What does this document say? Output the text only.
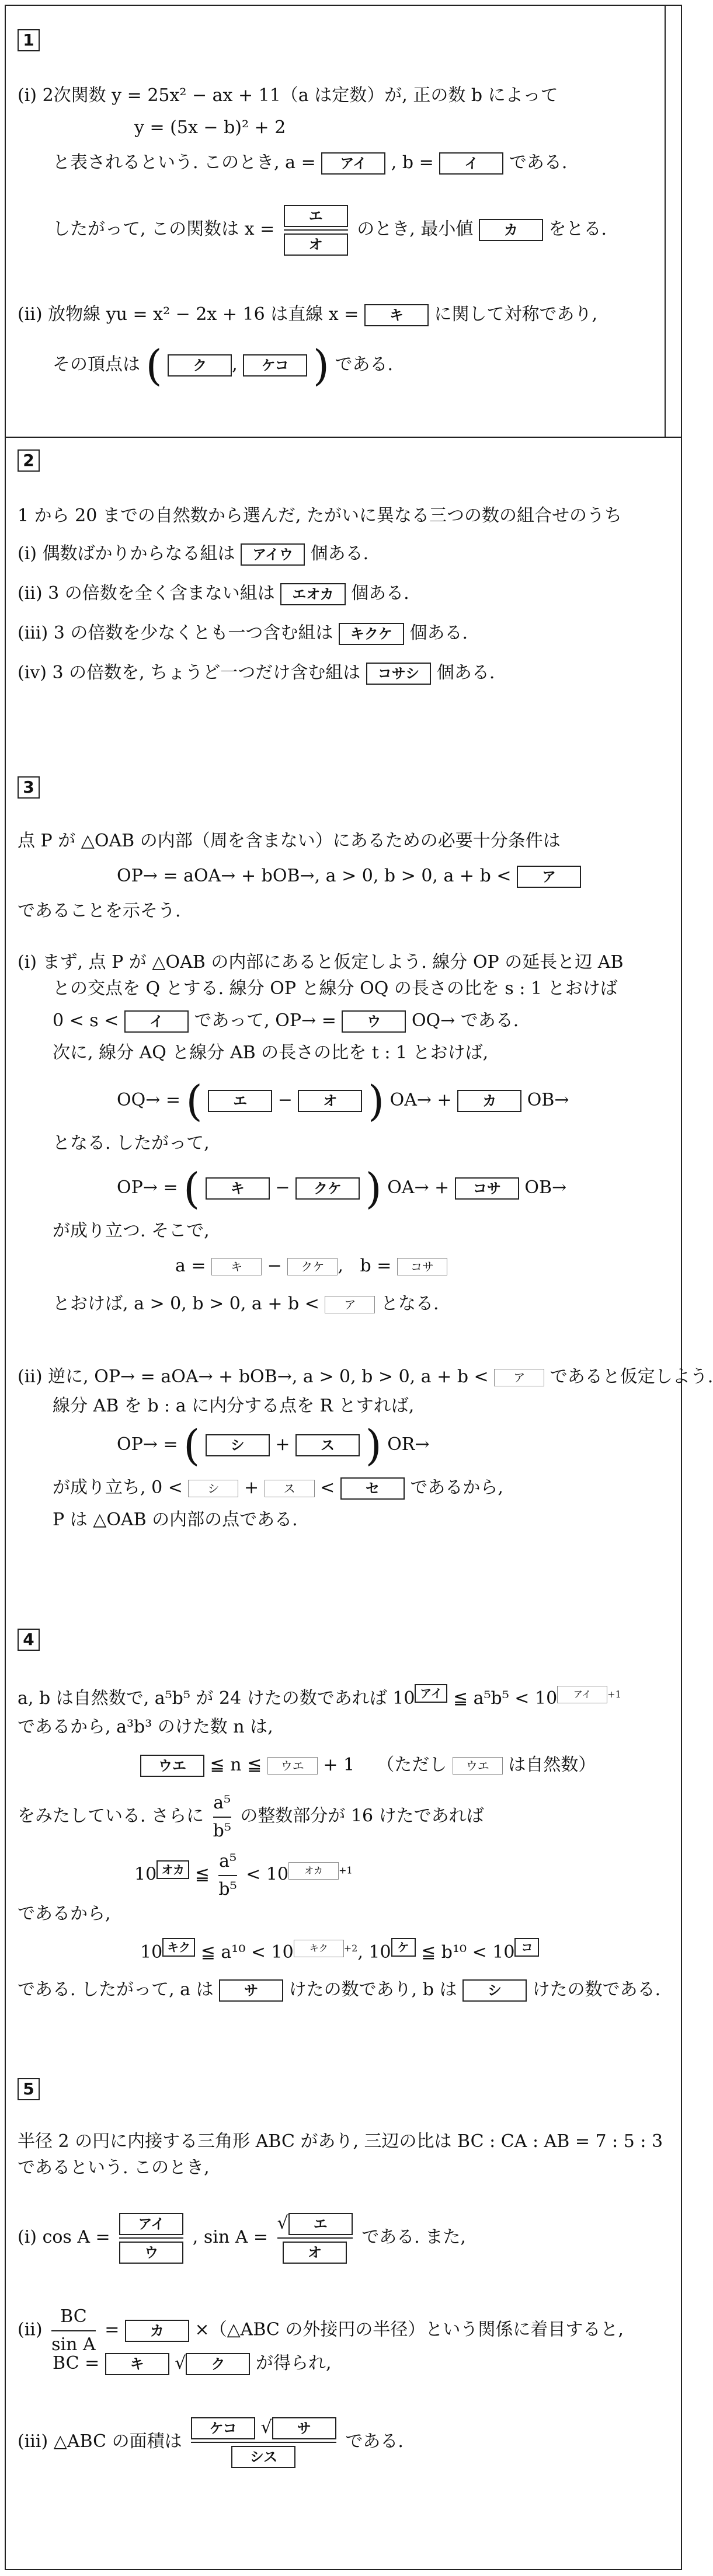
1
(i) 2次関数 y = 25x² − ax + 11（a は定数）が, 正の数 b によって
y = (5x − b)² + 2
と表されるという. このとき, a = アイ , b = イ である.
したがって, この関数は $x = \frac{\text{エ}}{\text{オ}}$ のとき, 最小値 カ をとる.
(ii) 放物線 yu = x² − 2x + 16 は直線 x = キ に関して対称であり,
その頂点は ( ク , ケコ ) である.
2
1 から 20 までの自然数から選んだ, たがいに異なる三つの数の組合せのうち
(i) 偶数ばかりからなる組は アイウ 個ある.
(ii) 3 の倍数を全く含まない組は エオカ 個ある.
(iii) 3 の倍数を少なくとも一つ含む組は キクケ 個ある.
(iv) 3 の倍数を, ちょうど一つだけ含む組は コサシ 個ある.
3
点 P が △OAB の内部（周を含まない）にあるための必要十分条件は
OP→ = aOA→ + bOB→, a > 0, b > 0, a + b < ア
であることを示そう.
(i) まず, 点 P が △OAB の内部にあると仮定しよう. 線分 OP の延長と辺 AB
との交点を Q とする. 線分 OP と線分 OQ の長さの比を s : 1 とおけば
0 < s < イ であって, OP→ = ウ OQ→ である.
次に, 線分 AQ と線分 AB の長さの比を t : 1 とおけば,
OQ→ = ( エ − オ ) OA→ + カ OB→
となる. したがって,
OP→ = ( キ − クケ ) OA→ + コサ OB→
が成り立つ. そこで,
a = キ − クケ ,   b = コサ
とおけば, a > 0, b > 0, a + b < ア となる.
(ii) 逆に, OP→ = aOA→ + bOB→, a > 0, b > 0, a + b < ア であると仮定しよう.
線分 AB を b : a に内分する点を R とすれば,
OP→ = ( シ + ス ) OR→
が成り立ち, 0 < シ + ス < セ であるから,
P は △OAB の内部の点である.
4
a, b は自然数で, a⁵b⁵ が 24 けたの数であれば 10 アイ ≦ a⁵b⁵ < 10 アイ $^{+1}$
であるから, a³b³ のけた数 n は,
ウエ ≦ n ≦ ウエ + 1 （ただし ウエ は自然数）
をみたしている. さらに $\frac{\text{a⁵}}{\text{b⁵}}$ の整数部分が 16 けたであれば
10 オカ ≦ $\frac{\text{a⁵}}{\text{b⁵}} < 10$ オカ $^{+1}$
であるから,
10 キク ≦ a¹⁰ < 10 キク $^{+2}$, 10 ケ ≦ b¹⁰ < 10 コ
である. したがって, a は サ けたの数であり, b は シ けたの数である.
5
半径 2 の円に内接する三角形 ABC があり, 三辺の比は BC : CA : AB = 7 : 5 : 3
であるという. このとき,
(i) $\cos A = \frac{\text{アイ}}{\text{ウ}}$ , $\sin A = \frac{\text{√ エ}}{\text{オ}}$ である. また,
$(ii) \frac{BC}{\text{sin A}}$ = カ ×（△ABC の外接円の半径）という関係に着目すると,
BC = キ √ ク が得られ,
(iii) △ABC の面積は $\frac{\text{ケコ √ サ}}{\text{シス}}$ である.
